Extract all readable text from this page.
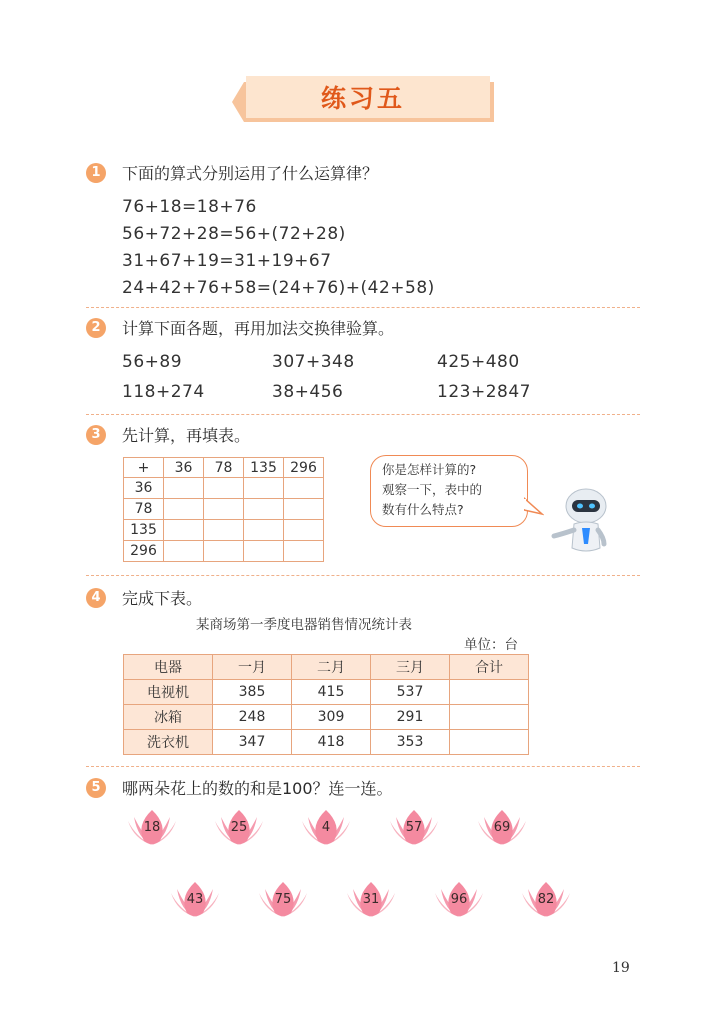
练习五
1	下面的算式分别运用了什么运算律？
76+18=18+76
56+72+28=56+(72+28)
31+67+19=31+19+67
24+42+76+58=(24+76)+(42+58)
2	计算下面各题，再用加法交换律验算。
56+89	307+348	425+480
118+274	38+456	123+2847
3	先计算，再填表。
+	36	78	135	296
36				
78				
135				
296				
你是怎样计算的?
观察一下，表中的
数有什么特点?
4	完成下表。
某商场第一季度电器销售情况统计表
单位：台
电器	一月	二月	三月	合计
电视机	385	415	537	
冰箱	248	309	291	
洗衣机	347	418	353	
5	哪两朵花上的数的和是100？连一连。
18	25	4	57	69
43	75	31	96	82
19
